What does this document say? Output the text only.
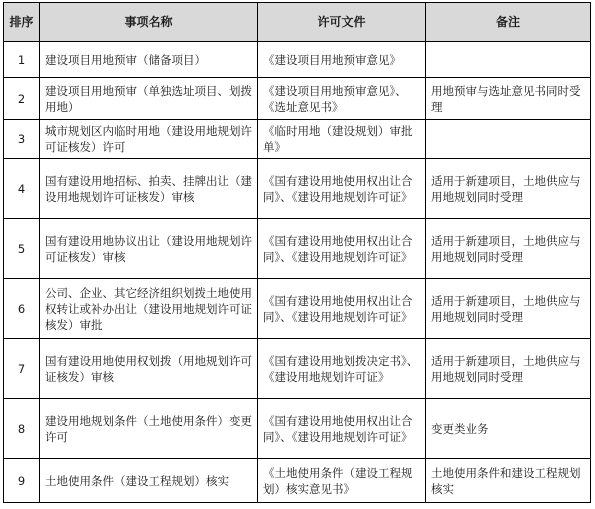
排序	事项名称	许可文件	备注
1	建设项目用地预审（储备项目）	《建设项目用地预审意见》	
2	建设项目用地预审（单独选址项目、划拨用地）	《建设项目用地预审意见》、《选址意见书》	用地预审与选址意见书同时受理
3	城市规划区内临时用地（建设用地规划许可证核发）许可	《临时用地（建设规划）审批单》	
4	国有建设用地招标、拍卖、挂牌出让（建设用地规划许可证核发）审核	《国有建设用地使用权出让合同》、《建设用地规划许可证》	适用于新建项目，土地供应与用地规划同时受理
5	国有建设用地协议出让（建设用地规划许可证核发）审核	《国有建设用地使用权出让合同》、《建设用地规划许可证》	适用于新建项目，土地供应与用地规划同时受理
6	公司、企业、其它经济组织划拨土地使用权转让或补办出让（建设用地规划许可证核发）审批	《国有建设用地使用权出让合同》、《建设用地规划许可证》	适用于新建项目，土地供应与用地规划同时受理
7	国有建设用地使用权划拨（用地规划许可证核发）审核	《国有建设用地划拨决定书》、《建设用地规划许可证》	适用于新建项目，土地供应与用地规划同时受理
8	建设用地规划条件（土地使用条件）变更许可	《国有建设用地使用权出让合同》、《建设用地规划许可证》	变更类业务
9	土地使用条件（建设工程规划）核实	《土地使用条件（建设工程规划）核实意见书》	土地使用条件和建设工程规划核实
